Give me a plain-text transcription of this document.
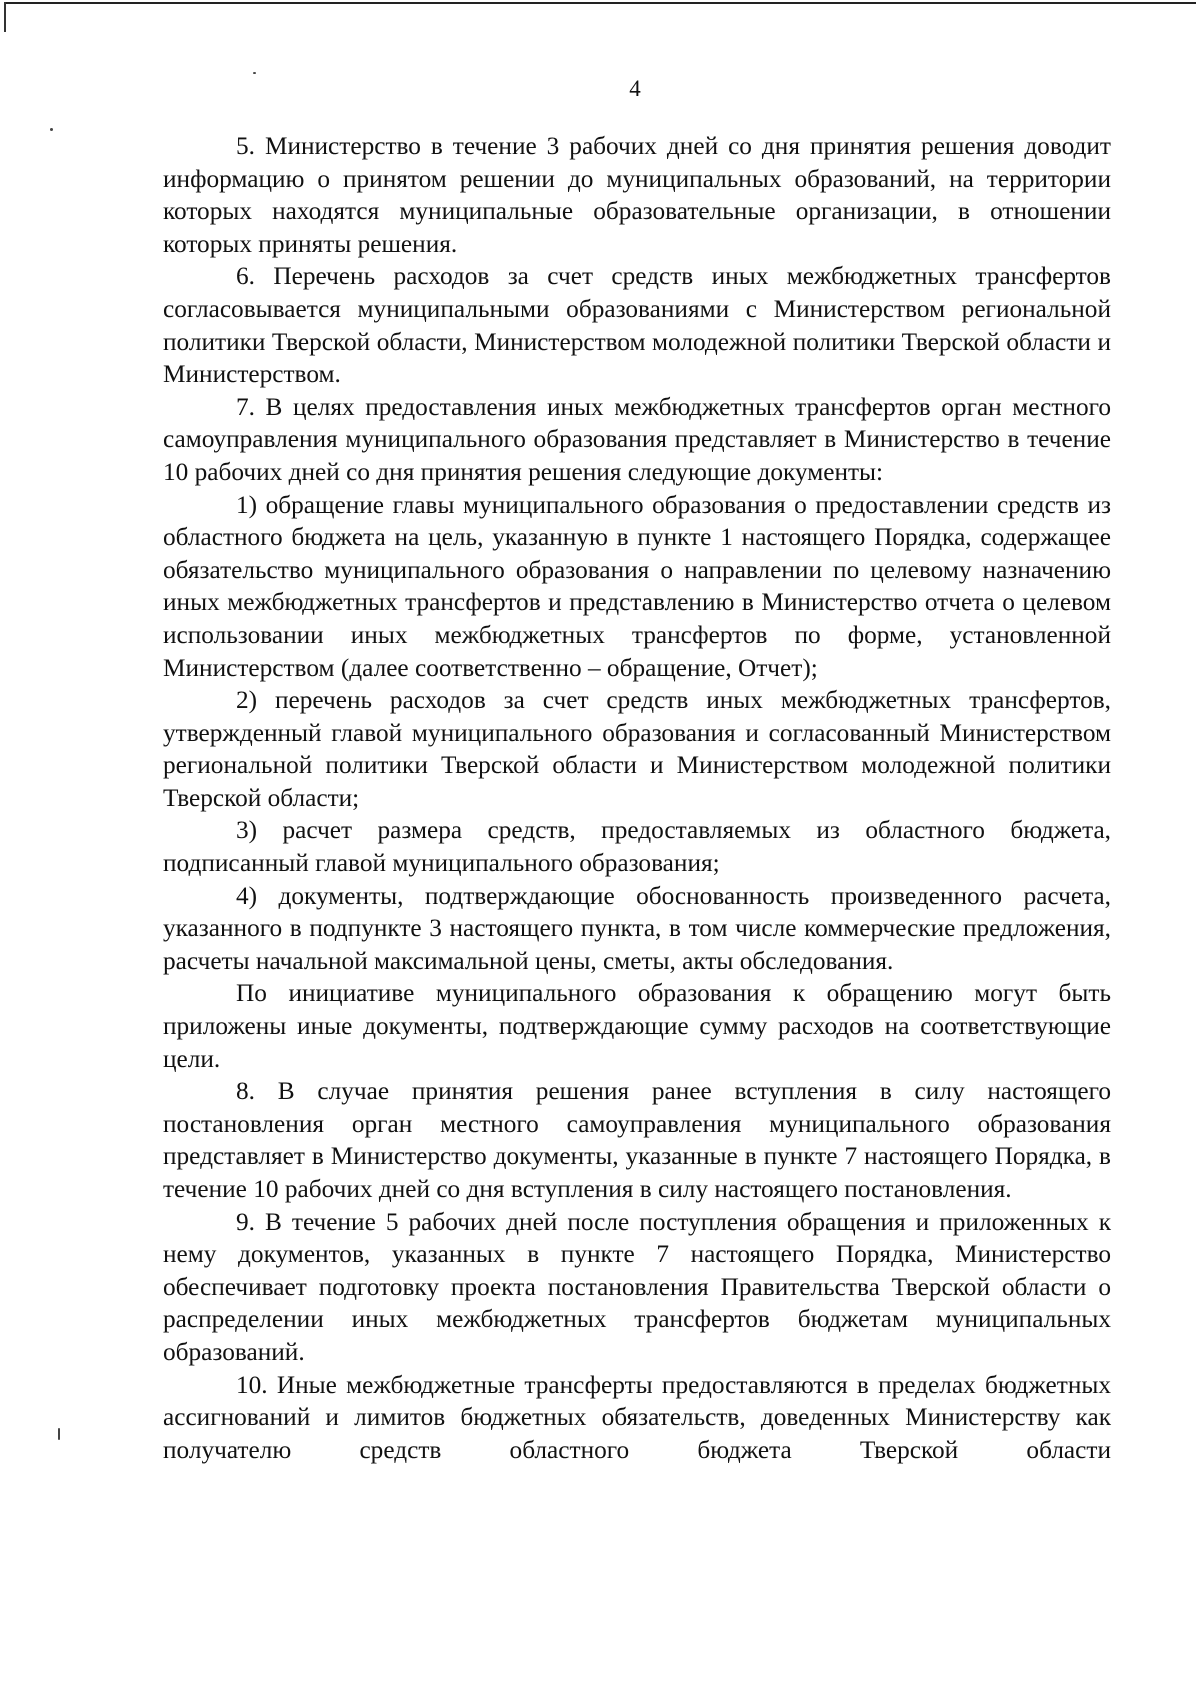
4

5. Министерство в течение 3 рабочих дней со дня принятия решения доводит информацию о принятом решении до муниципальных образований, на территории которых находятся муниципальные образовательные организации, в отношении которых приняты решения.

6. Перечень расходов за счет средств иных межбюджетных трансфертов согласовывается муниципальными образованиями с Министерством региональной политики Тверской области, Министерством молодежной политики Тверской области и Министерством.

7. В целях предоставления иных межбюджетных трансфертов орган местного самоуправления муниципального образования представляет в Министерство в течение 10 рабочих дней со дня принятия решения следующие документы:

1) обращение главы муниципального образования о предоставлении средств из областного бюджета на цель, указанную в пункте 1 настоящего Порядка, содержащее обязательство муниципального образования о направлении по целевому назначению иных межбюджетных трансфертов и представлению в Министерство отчета о целевом использовании иных межбюджетных трансфертов по форме, установленной Министерством (далее соответственно – обращение, Отчет);

2) перечень расходов за счет средств иных межбюджетных трансфертов, утвержденный главой муниципального образования и согласованный Министерством региональной политики Тверской области и Министерством молодежной политики Тверской области;

3) расчет размера средств, предоставляемых из областного бюджета, подписанный главой муниципального образования;

4) документы, подтверждающие обоснованность произведенного расчета, указанного в подпункте 3 настоящего пункта, в том числе коммерческие предложения, расчеты начальной максимальной цены, сметы, акты обследования.

По инициативе муниципального образования к обращению могут быть приложены иные документы, подтверждающие сумму расходов на соответствующие цели.

8. В случае принятия решения ранее вступления в силу настоящего постановления орган местного самоуправления муниципального образования представляет в Министерство документы, указанные в пункте 7 настоящего Порядка, в течение 10 рабочих дней со дня вступления в силу настоящего постановления.

9. В течение 5 рабочих дней после поступления обращения и приложенных к нему документов, указанных в пункте 7 настоящего Порядка, Министерство обеспечивает подготовку проекта постановления Правительства Тверской области о распределении иных межбюджетных трансфертов бюджетам муниципальных образований.

10. Иные межбюджетные трансферты предоставляются в пределах бюджетных ассигнований и лимитов бюджетных обязательств, доведенных Министерству как получателю средств областного бюджета Тверской области
